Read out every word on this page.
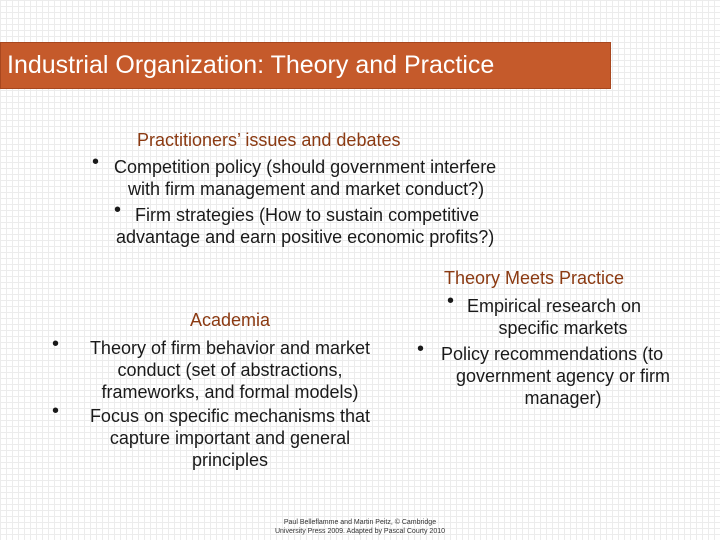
Industrial Organization: Theory and Practice
Practitioners’ issues and debates
• Competition policy (should government interfere
with firm management and market conduct?)
• Firm strategies (How to sustain competitive
advantage and earn positive economic profits?)
Academia
•	Theory of firm behavior and market
conduct (set of abstractions,
frameworks, and formal models)
•	Focus on specific mechanisms that
capture important and general
principles
Theory Meets Practice
• Empirical research on
specific markets
• Policy recommendations (to
government agency or firm
manager)
Paul Belleflamme and Martin Peitz, © Cambridge
University Press 2009. Adapted by Pascal Courty 2010
